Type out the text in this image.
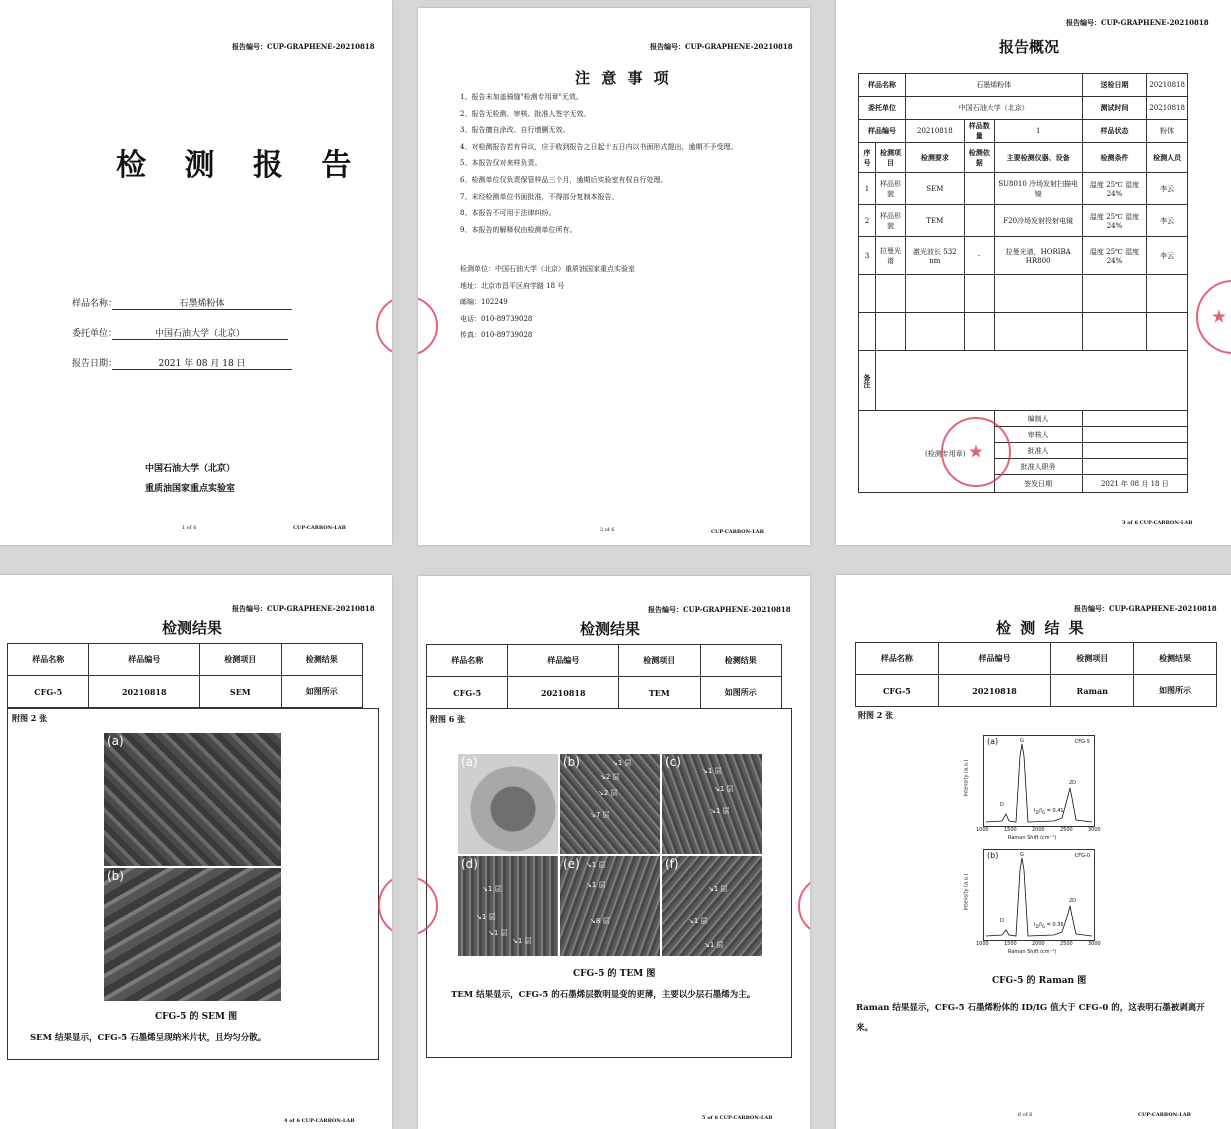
报告编号：CUP-GRAPHENE-20210818
检 测 报 告
样品名称：	石墨烯粉体
委托单位：	中国石油大学（北京）
报告日期：	2021 年 08 月 18 日
中国石油大学（北京）
重质油国家重点实验室
1 of 6	CUP-CARBON-LAB
报告编号：CUP-GRAPHENE-20210818
注 意 事 项
1、报告未加盖骑缝"检测专用章"无效。
2、报告无检测、审核、批准人签字无效。
3、报告擅自涂改、自行增删无效。
4、对检测报告若有异议，应于收到报告之日起十五日内以书面形式提出，逾期不予受理。
5、本报告仅对来样负责。
6、检测单位仅负责保管样品三个月，逾期后实验室有权自行处理。
7、未经检测单位书面批准，不得部分复制本报告。
8、本报告不可用于法律纠纷。
9、本报告的解释权由检测单位所有。
检测单位：中国石油大学（北京）重质油国家重点实验室
地址：北京市昌平区府学路 18 号
邮编：102249
电话：010-89739028
传真：010-89739028
2 of 6	CUP-CARBON-LAB
报告编号：CUP-GRAPHENE-20210818
报告概况
样品名称		石墨烯粉体			送检日期	20210818
委托单位		中国石油大学（北京）			测试时间	20210818
样品编号		20210818	样品数量	1	样品状态	粉体
序号	检测项目	检测要求	检测依据	主要检测仪器、设备	检测条件	检测人员
1	样品形貌	SEM		SU8010 冷场发射扫描电镜	温度 25℃ 湿度 24%	李云
2	样品形貌	TEM		F20冷场发射投射电镜	温度 25℃ 湿度 24%	李云
3	拉曼光谱	激光波长 532 nm	-	拉曼光谱，HORIBA HR800	温度 25℃ 湿度 24%	李云

备注						

(检测专用章) ★				编制人		
				审核人		
				批准人		
				批准人职务		
				签发日期	2021 年 08 月 18 日	
3 of 6 CUP-CARBON-LAB
★
报告编号：CUP-GRAPHENE-20210818
检测结果
样品名称	样品编号	检测项目	检测结果
CFG-5	20210818	SEM	如图所示
附图 2 张
(a)
(b)
CFG-5 的 SEM 图
SEM 结果显示，CFG-5 石墨烯呈现纳米片状，且均匀分散。
4 of 6 CUP-CARBON-LAB
报告编号：CUP-GRAPHENE-20210818
检测结果
样品名称	样品编号	检测项目	检测结果
CFG-5	20210818	TEM	如图所示
附图 6 张
(a)	(b)	↘1 层
↘2 层
↘2 层
↘7 层
(c)
↘1 层
↘1 层
↘1 层
(d)
↘1 层
↘1 层
↘1 层
↘1 层
(e) ↘1 层
↘1 层
↘8 层
(f)
↘1 层
↘1 层
↘1 层
CFG-5 的 TEM 图
TEM 结果显示，CFG-5 的石墨烯层数明显变的更薄，主要以少层石墨烯为主。
5 of 6 CUP-CARBON-LAB
报告编号：CUP-GRAPHENE-20210818
检 测 结 果
样品名称	样品编号	检测项目	检测结果
CFG-5	20210818	Raman	如图所示
附图 2 张
(a)	CFG-5
D
G
2D
$I_D/I_G = 0.41$
(b)	CFG-0
D
G
2D
$I_D/I_G = 0.36$
1000	1500	2000	2500	3000
Raman Shift (cm⁻¹)
Intensity (a.u.)
1000	1500	2000	2500	3000
Raman Shift (cm⁻¹)
Intensity (a.u.)
CFG-5 的 Raman 图
Raman 结果显示，CFG-5 石墨烯粉体的 ID/IG 值大于 CFG-0 的，这表明石墨被剥离开来。
6 of 6	CUP-CARBON-LAB
